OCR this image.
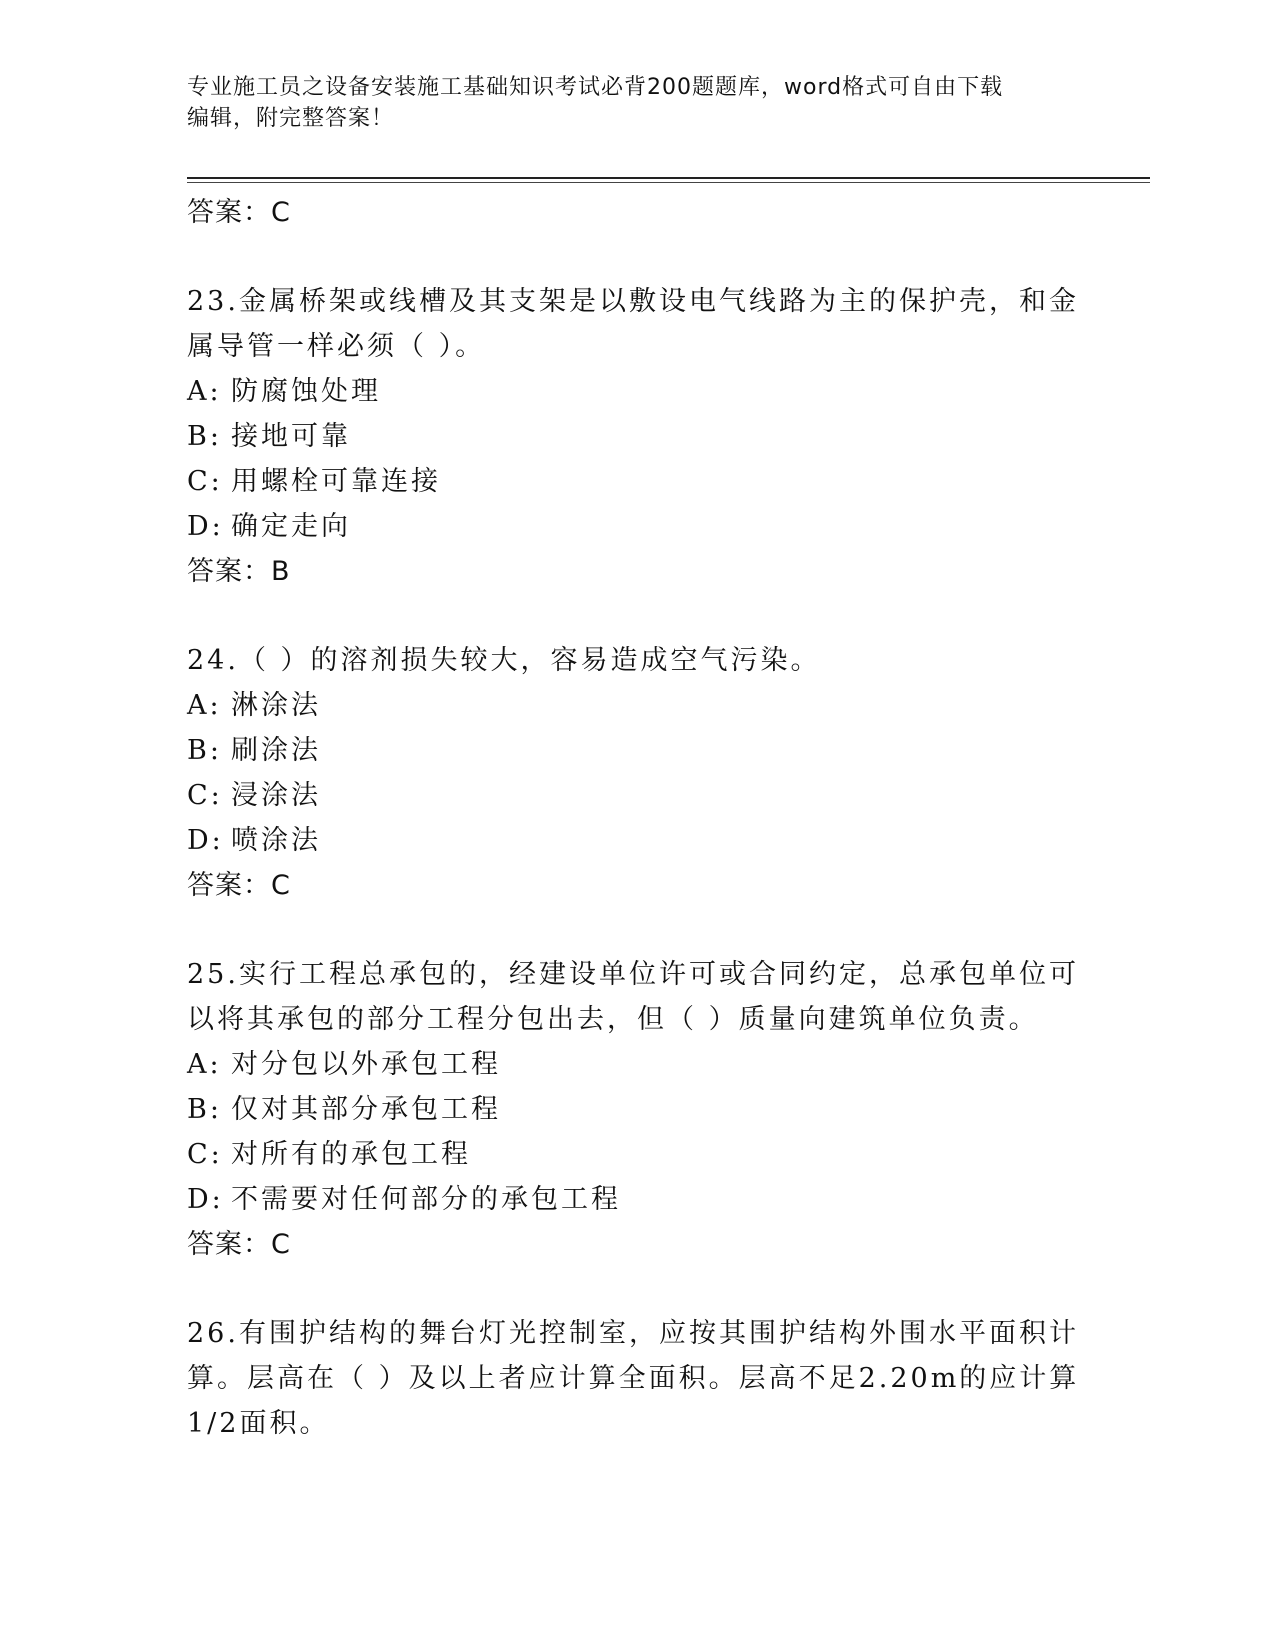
专业施工员之设备安装施工基础知识考试必背200题题库，word格式可自由下载
编辑，附完整答案！

答案：C

23.金属桥架或线槽及其支架是以敷设电气线路为主的保护壳，和金属导管一样必须（ ）。

A: 防腐蚀处理
B: 接地可靠
C: 用螺栓可靠连接
D: 确定走向

答案：B

24.（ ）的溶剂损失较大，容易造成空气污染。

A: 淋涂法
B: 刷涂法
C: 浸涂法
D: 喷涂法

答案：C

25.实行工程总承包的，经建设单位许可或合同约定，总承包单位可以将其承包的部分工程分包出去，但（ ）质量向建筑单位负责。

A: 对分包以外承包工程
B: 仅对其部分承包工程
C: 对所有的承包工程
D: 不需要对任何部分的承包工程

答案：C

26.有围护结构的舞台灯光控制室，应按其围护结构外围水平面积计算。层高在（ ）及以上者应计算全面积。层高不足2.20m的应计算1/2面积。
